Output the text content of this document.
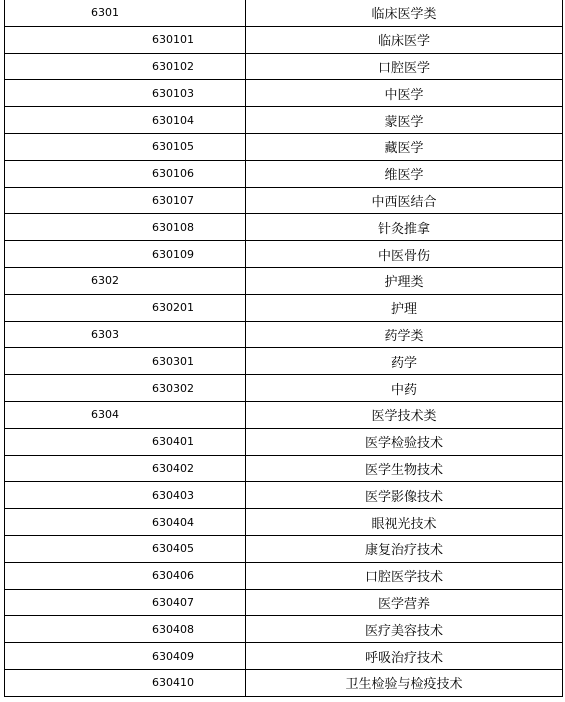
6301	临床医学类
630101	临床医学
630102	口腔医学
630103	中医学
630104	蒙医学
630105	藏医学
630106	维医学
630107	中西医结合
630108	针灸推拿
630109	中医骨伤
6302	护理类
630201	护理
6303	药学类
630301	药学
630302	中药
6304	医学技术类
630401	医学检验技术
630402	医学生物技术
630403	医学影像技术
630404	眼视光技术
630405	康复治疗技术
630406	口腔医学技术
630407	医学营养
630408	医疗美容技术
630409	呼吸治疗技术
630410	卫生检验与检疫技术
